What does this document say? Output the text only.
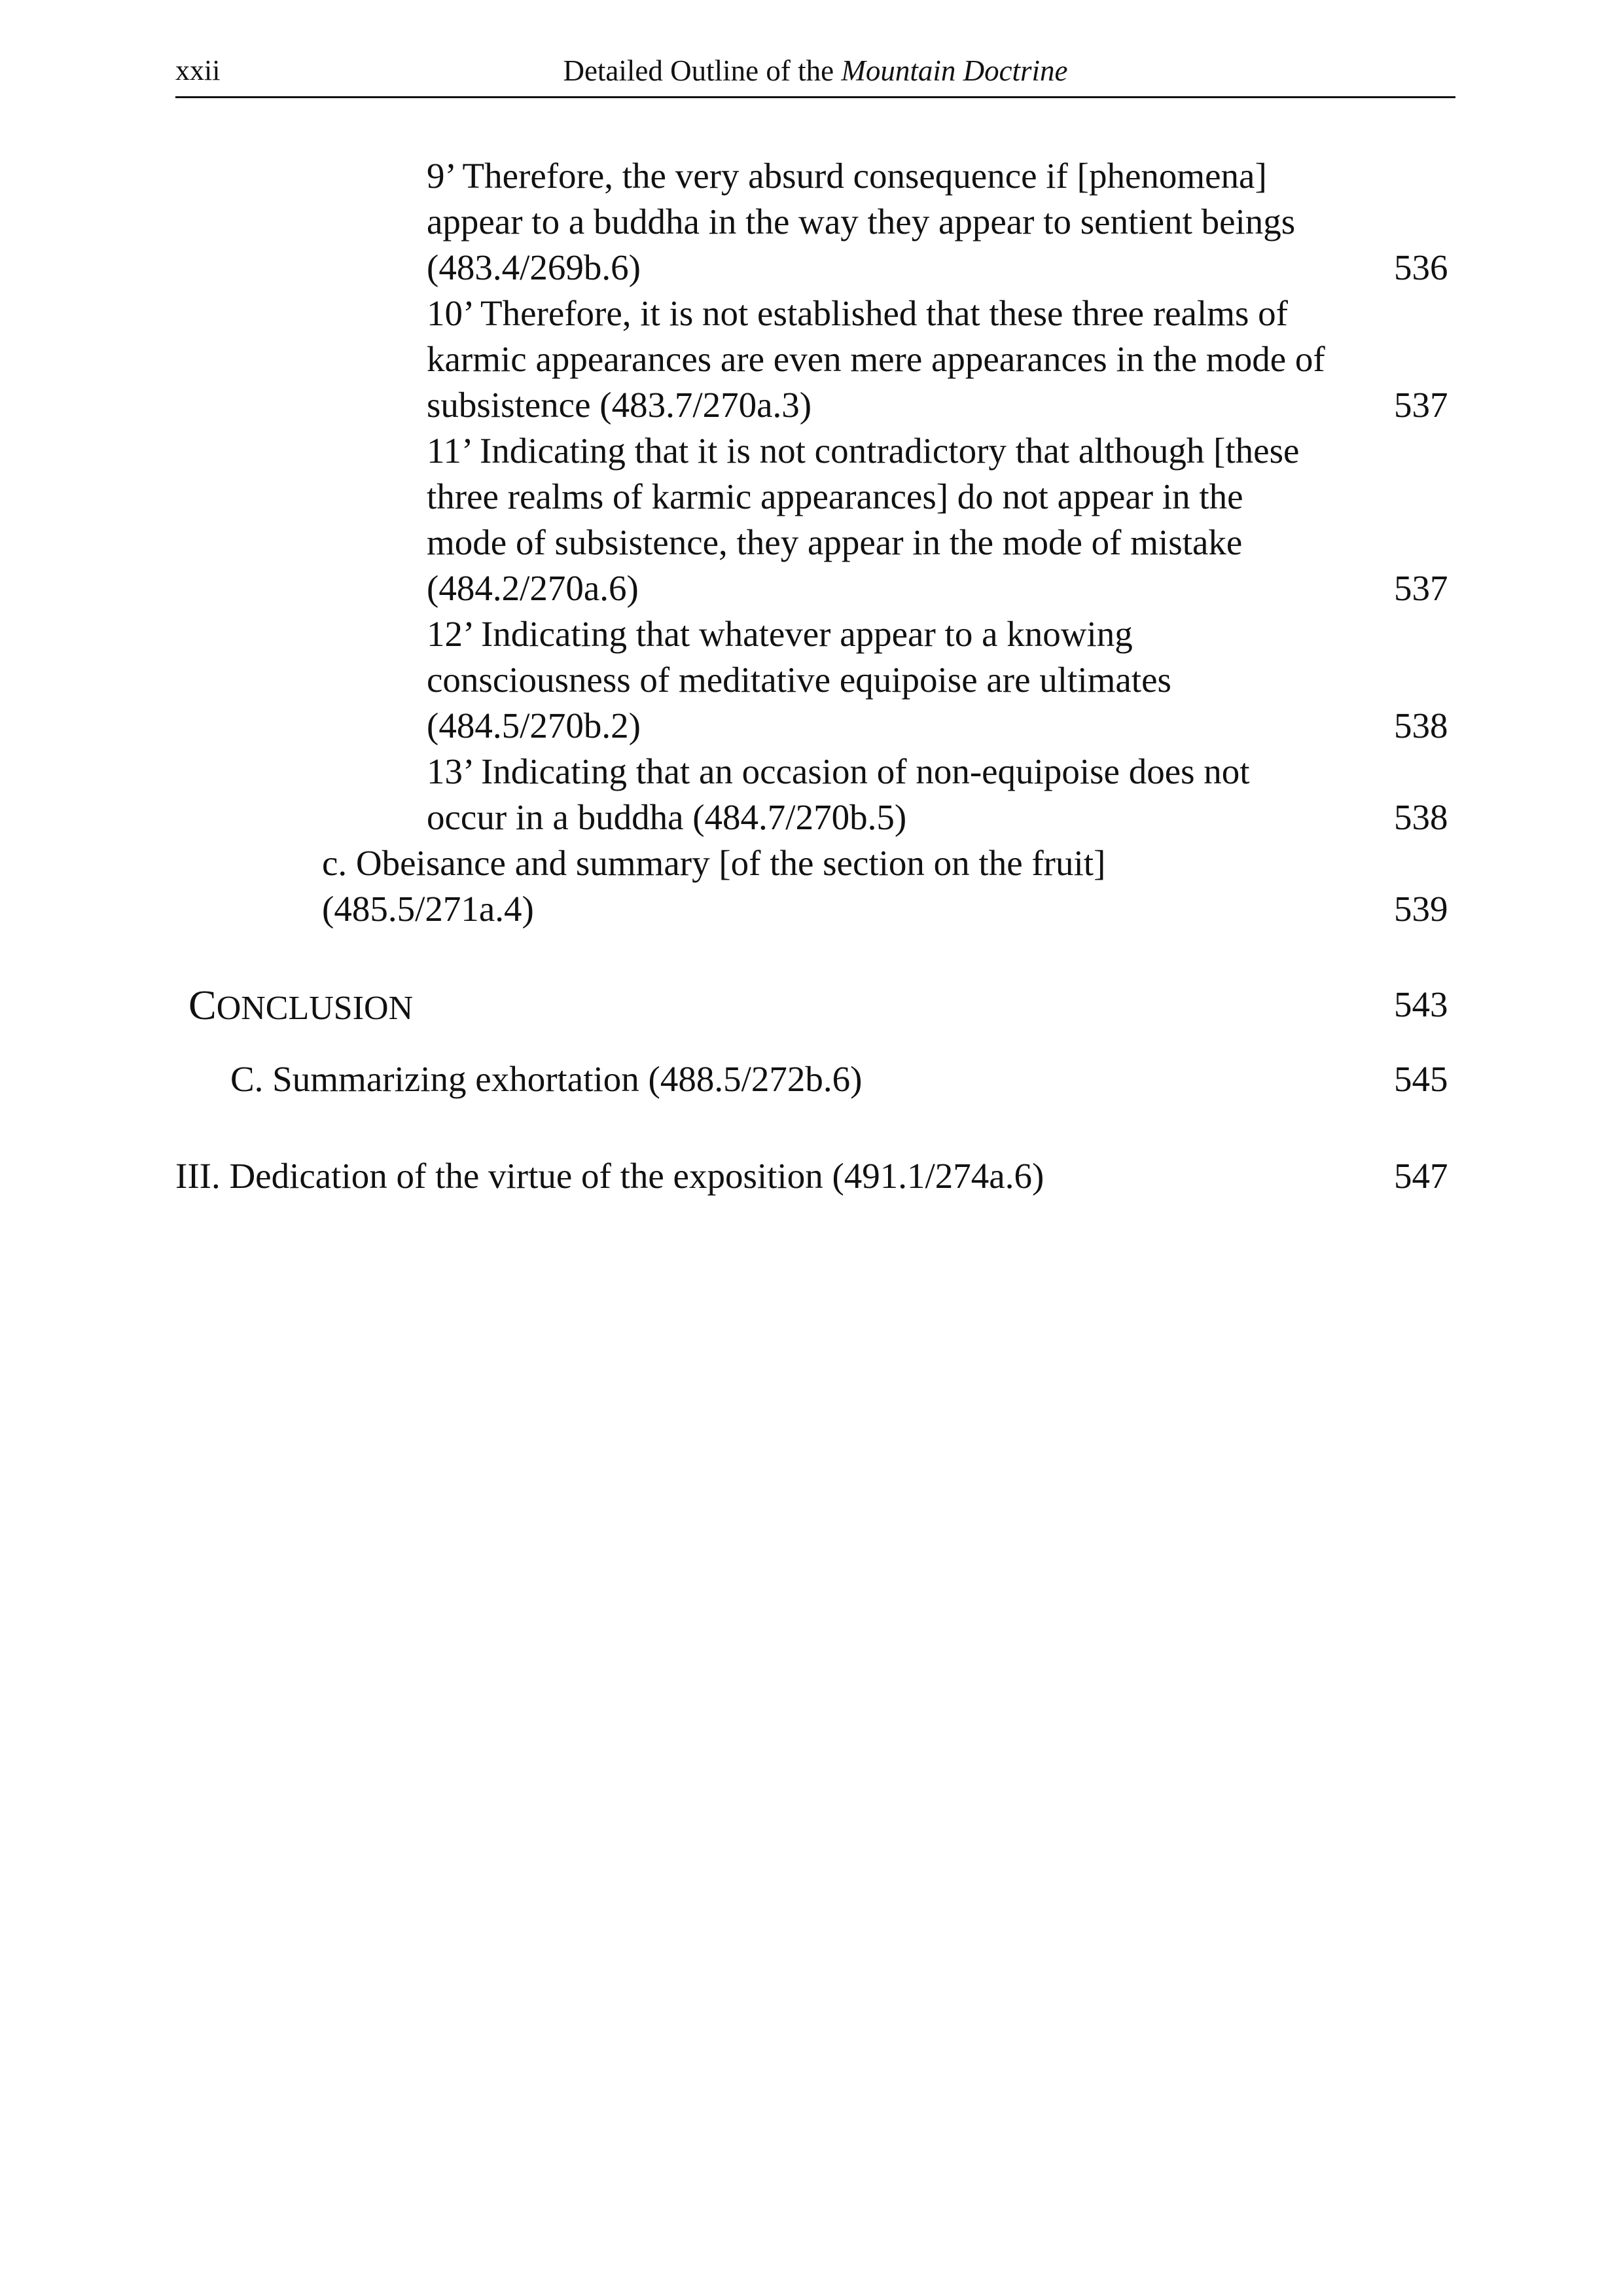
xxii	Detailed Outline of the Mountain Doctrine
9’ Therefore, the very absurd consequence if [phenomena]
appear to a buddha in the way they appear to sentient beings
(483.4/269b.6)	536
10’ Therefore, it is not established that these three realms of
karmic appearances are even mere appearances in the mode of
subsistence (483.7/270a.3)	537
11’ Indicating that it is not contradictory that although [these
three realms of karmic appearances] do not appear in the
mode of subsistence, they appear in the mode of mistake
(484.2/270a.6)	537
12’ Indicating that whatever appear to a knowing
consciousness of meditative equipoise are ultimates
(484.5/270b.2)	538
13’ Indicating that an occasion of non-equipoise does not
occur in a buddha (484.7/270b.5)	538
c. Obeisance and summary [of the section on the fruit]
(485.5/271a.4)	539
CONCLUSION	543
C. Summarizing exhortation (488.5/272b.6)	545
III. Dedication of the virtue of the exposition (491.1/274a.6)	547
